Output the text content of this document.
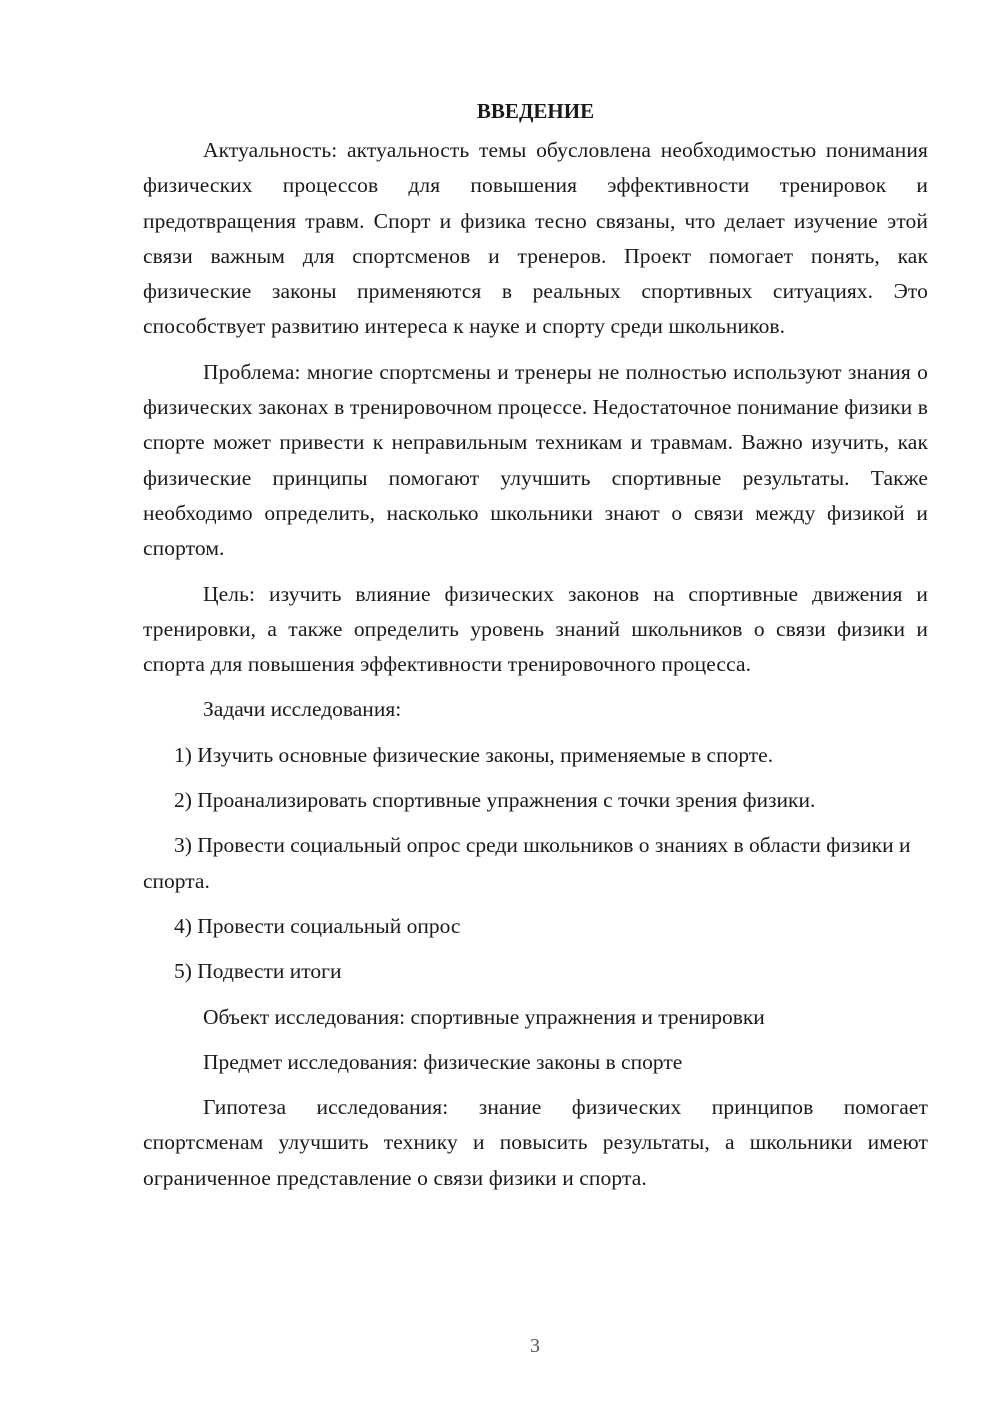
ВВЕДЕНИЕ

Актуальность: актуальность темы обусловлена необходимостью понимания физических процессов для повышения эффективности тренировок и предотвращения травм. Спорт и физика тесно связаны, что делает изучение этой связи важным для спортсменов и тренеров. Проект помогает понять, как физические законы применяются в реальных спортивных ситуациях. Это способствует развитию интереса к науке и спорту среди школьников.

Проблема: многие спортсмены и тренеры не полностью используют знания о физических законах в тренировочном процессе. Недостаточное понимание физики в спорте может привести к неправильным техникам и травмам. Важно изучить, как физические принципы помогают улучшить спортивные результаты. Также необходимо определить, насколько школьники знают о связи между физикой и спортом.

Цель: изучить влияние физических законов на спортивные движения и тренировки, а также определить уровень знаний школьников о связи физики и спорта для повышения эффективности тренировочного процесса.

Задачи исследования:

1) Изучить основные физические законы, применяемые в спорте.

2) Проанализировать спортивные упражнения с точки зрения физики.

3) Провести социальный опрос среди школьников о знаниях в области физики и спорта.

4) Провести социальный опрос

5) Подвести итоги

Объект исследования: спортивные упражнения и тренировки

Предмет исследования: физические законы в спорте

Гипотеза исследования: знание физических принципов помогает спортсменам улучшить технику и повысить результаты, а школьники имеют ограниченное представление о связи физики и спорта.

3
